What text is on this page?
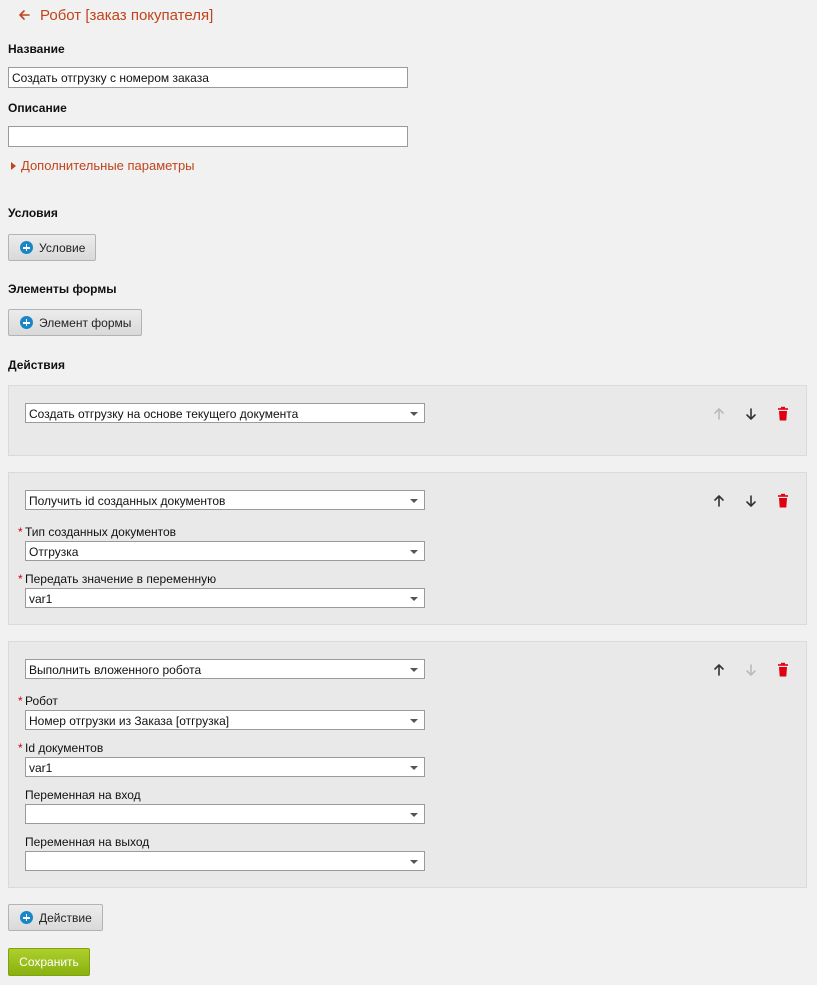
Робот [заказ покупателя]
Название
Создать отгрузку с номером заказа
Описание
Дополнительные параметры
Условия
Условие
Элементы формы
Элемент формы
Действия
Создать отгрузку на основе текущего документа
Получить id созданных документов
* Тип созданных документов
Отгрузка
* Передать значение в переменную
var1
Выполнить вложенного робота
* Робот
Номер отгрузки из Заказа [отгрузка]
* Id документов
var1
Переменная на вход
Переменная на выход
Действие
Сохранить
